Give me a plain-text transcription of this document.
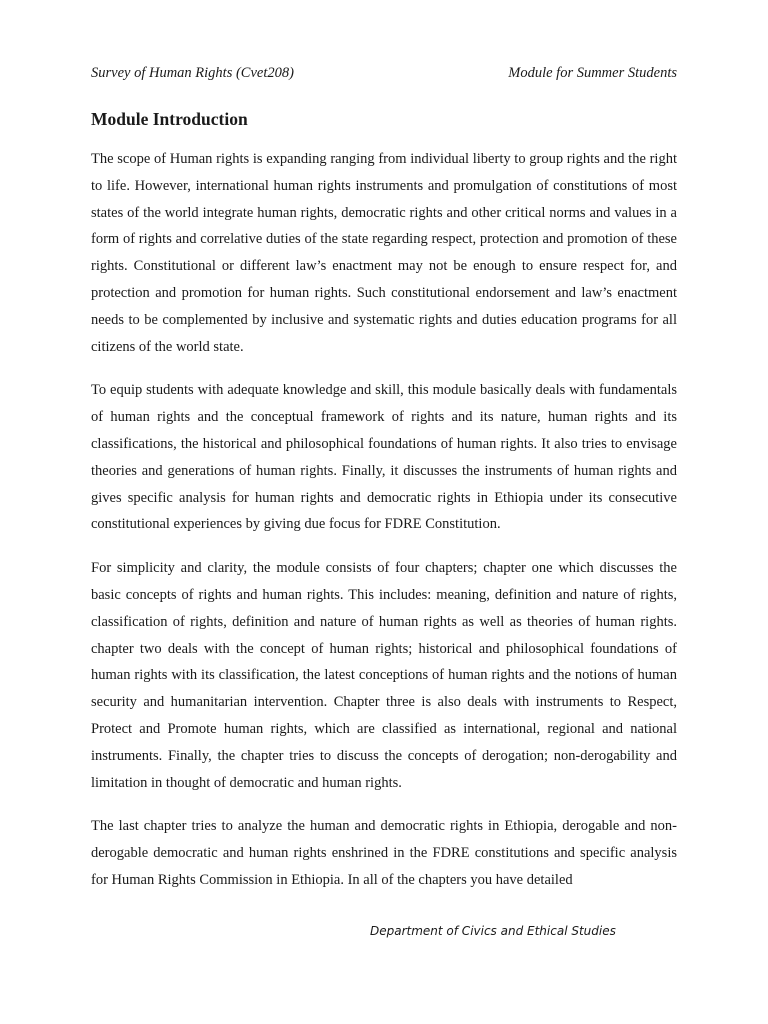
Survey of Human Rights (Cvet208)	Module for Summer Students
Module Introduction

The scope of Human rights is expanding ranging from individual liberty to group rights and the right to life. However, international human rights instruments and promulgation of constitutions of most states of the world integrate human rights, democratic rights and other critical norms and values in a form of rights and correlative duties of the state regarding respect, protection and promotion of these rights. Constitutional or different law’s enactment may not be enough to ensure respect for, and protection and promotion for human rights. Such constitutional endorsement and law’s enactment needs to be complemented by inclusive and systematic rights and duties education programs for all citizens of the world state.

To equip students with adequate knowledge and skill, this module basically deals with fundamentals of human rights and the conceptual framework of rights and its nature, human rights and its classifications, the historical and philosophical foundations of human rights. It also tries to envisage theories and generations of human rights. Finally, it discusses the instruments of human rights and gives specific analysis for human rights and democratic rights in Ethiopia under its consecutive constitutional experiences by giving due focus for FDRE Constitution.

For simplicity and clarity, the module consists of four chapters; chapter one which discusses the basic concepts of rights and human rights. This includes: meaning, definition and nature of rights, classification of rights, definition and nature of human rights as well as theories of human rights. chapter two deals with the concept of human rights; historical and philosophical foundations of human rights with its classification, the latest conceptions of human rights and the notions of human security and humanitarian intervention. Chapter three is also deals with instruments to Respect, Protect and Promote human rights, which are classified as international, regional and national instruments. Finally, the chapter tries to discuss the concepts of derogation; non-derogability and limitation in thought of democratic and human rights.

The last chapter tries to analyze the human and democratic rights in Ethiopia, derogable and non-derogable democratic and human rights enshrined in the FDRE constitutions and specific analysis for Human Rights Commission in Ethiopia. In all of the chapters you have detailed

Department of Civics and Ethical Studies
